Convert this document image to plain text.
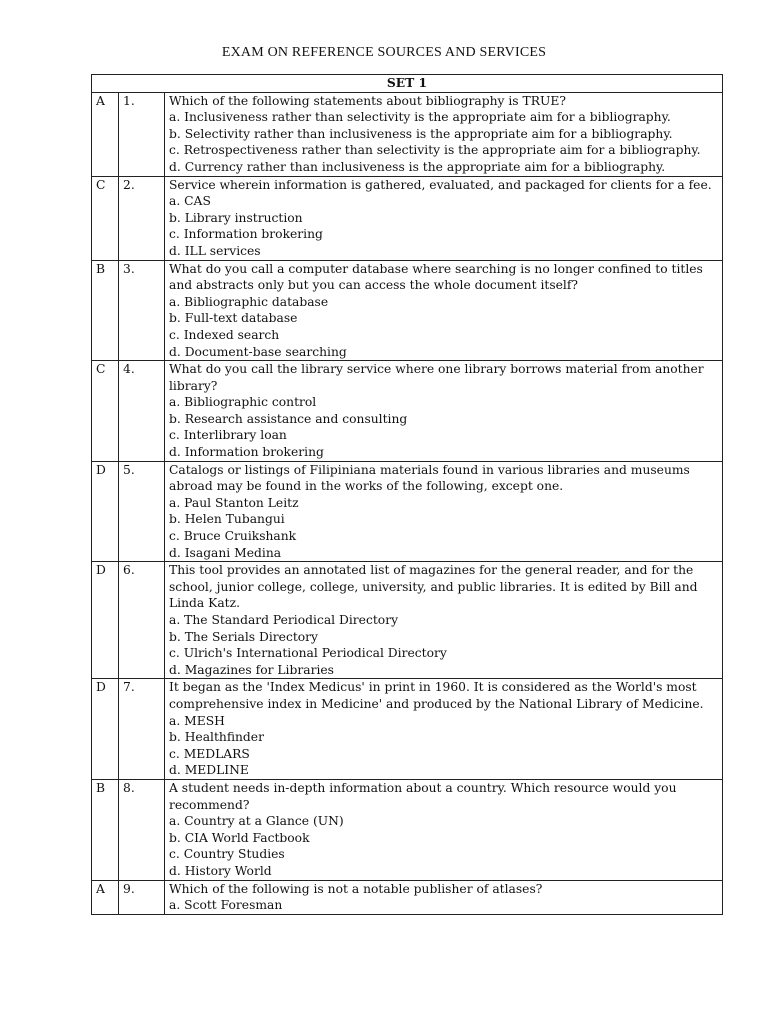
EXAM ON REFERENCE SOURCES AND SERVICES
SET 1		
A	1.	Which of the following statements about bibliography is TRUE?
a. Inclusiveness rather than selectivity is the appropriate aim for a bibliography.
b. Selectivity rather than inclusiveness is the appropriate aim for a bibliography.
c. Retrospectiveness rather than selectivity is the appropriate aim for a bibliography.
d. Currency rather than inclusiveness is the appropriate aim for a bibliography.

C	2.	Service wherein information is gathered, evaluated, and packaged for clients for a fee.
a. CAS
b. Library instruction
c. Information brokering
d. ILL services

B	3.	What do you call a computer database where searching is no longer confined to titles and abstracts only but you can access the whole document itself?
a. Bibliographic database
b. Full-text database
c. Indexed search
d. Document-base searching

C	4.	What do you call the library service where one library borrows material from another library?
a. Bibliographic control
b. Research assistance and consulting
c. Interlibrary loan
d. Information brokering

D	5.	Catalogs or listings of Filipiniana materials found in various libraries and museums abroad may be found in the works of the following, except one.
a. Paul Stanton Leitz
b. Helen Tubangui
c. Bruce Cruikshank
d. Isagani Medina

D	6.	This tool provides an annotated list of magazines for the general reader, and for the school, junior college, college, university, and public libraries. It is edited by Bill and Linda Katz.
a. The Standard Periodical Directory
b. The Serials Directory
c. Ulrich's International Periodical Directory
d. Magazines for Libraries

D	7.	It began as the 'Index Medicus' in print in 1960. It is considered as the World's most comprehensive index in Medicine' and produced by the National Library of Medicine.
a. MESH
b. Healthfinder
c. MEDLARS
d. MEDLINE

B	8.	A student needs in-depth information about a country. Which resource would you recommend?
a. Country at a Glance (UN)
b. CIA World Factbook
c. Country Studies
d. History World

A	9.	Which of the following is not a notable publisher of atlases?
a. Scott Foresman
